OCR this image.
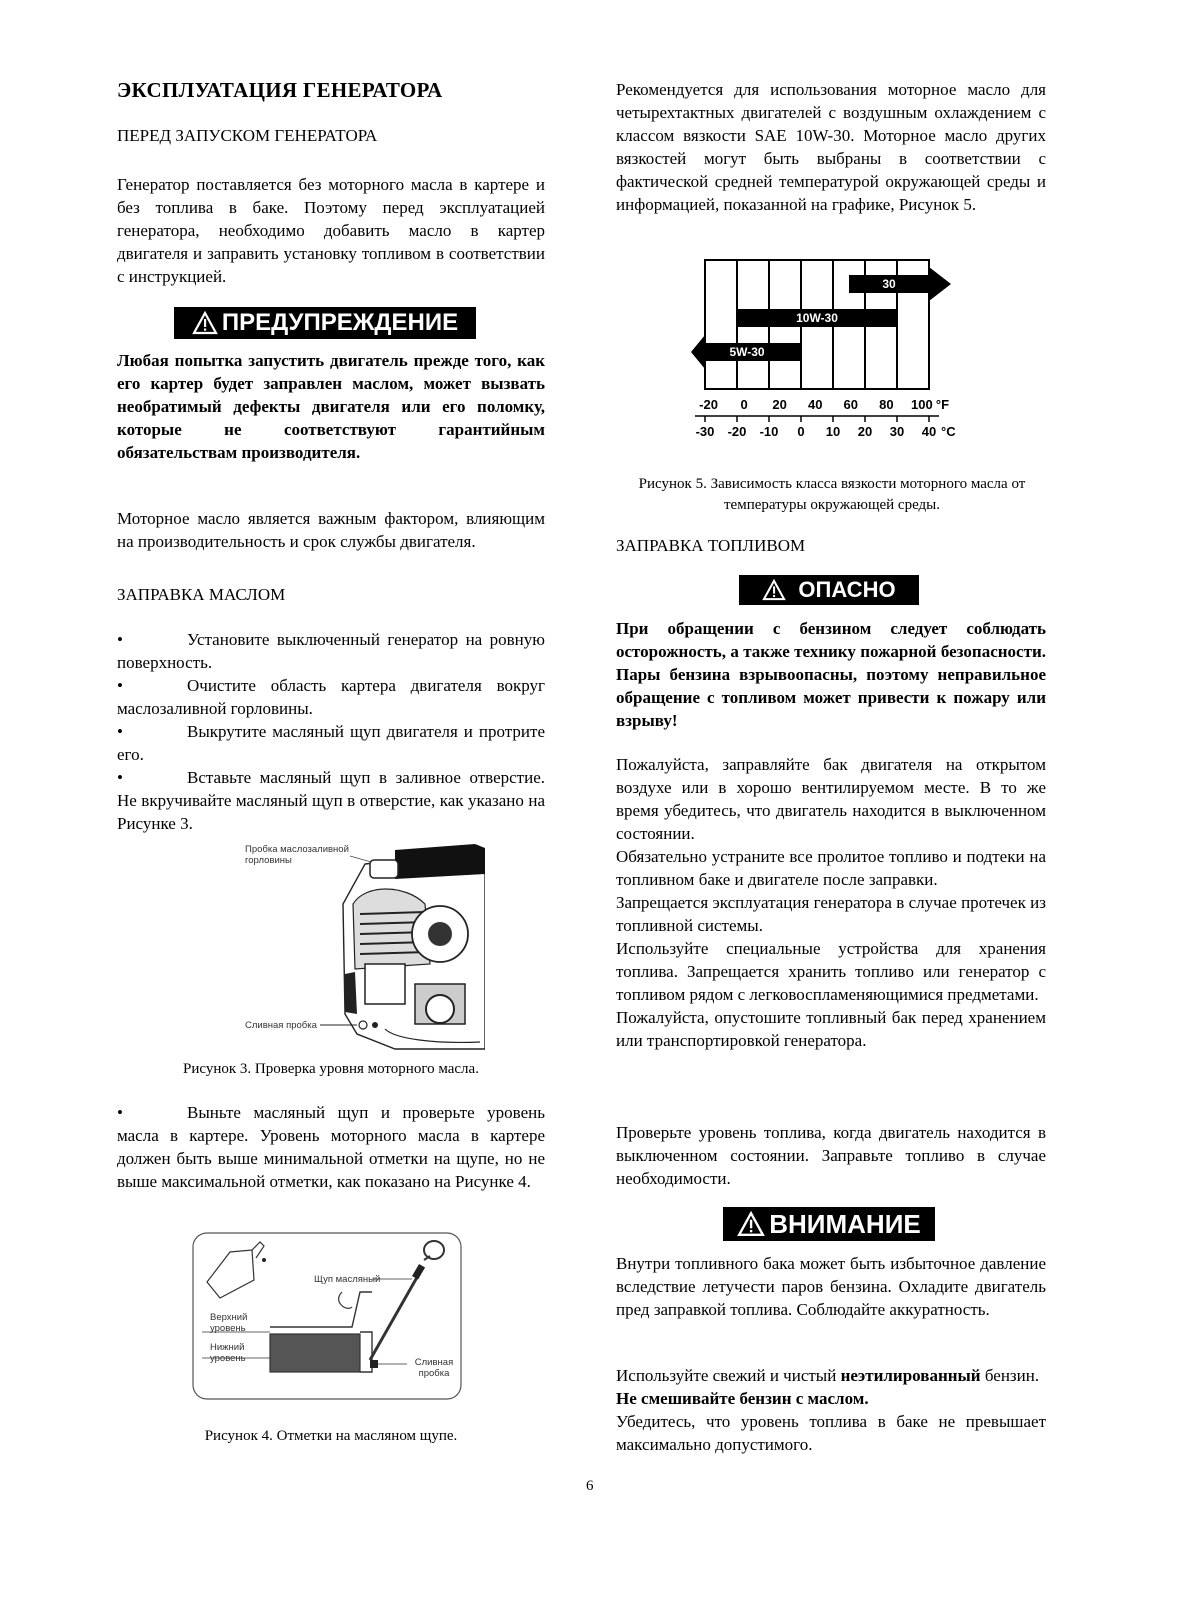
ЭКСПЛУАТАЦИЯ ГЕНЕРАТОРА
ПЕРЕД ЗАПУСКОМ ГЕНЕРАТОРА

Генератор поставляется без моторного масла в картере и без топлива в баке. Поэтому перед эксплуатацией генератора, необходимо добавить масло в картер двигателя и заправить установку топливом в соответствии с инструкцией.

ПРЕДУПРЕЖДЕНИЕ

Любая попытка запустить двигатель прежде того, как его картер будет заправлен маслом, может вызвать необратимый дефекты двигателя или его поломку, которые не соответствуют гарантийным обязательствам производителя.

Моторное масло является важным фактором, влияющим на производительность и срок службы двигателя.

ЗАПРАВКА МАСЛОМ

•	Установите выключенный генератор на ровную поверхность.

•	Очистите область картера двигателя вокруг маслозаливной горловины.

•	Выкрутите масляный щуп двигателя и протрите его.

•	Вставьте масляный щуп в заливное отверстие. Не вкручивайте масляный щуп в отверстие, как указано на Рисунке 3.

Пробка маслозаливной горловины
Сливная пробка
Рисунок 3. Проверка уровня моторного масла.

•	Выньте масляный щуп и проверьте уровень масла в картере. Уровень моторного масла в картере должен быть выше минимальной отметки на щупе, но не выше максимальной отметки, как показано на Рисунке 4.

Щуп масляный
Верхний уровень
Нижний уровень	Сливная пробка
Рисунок 4. Отметки на масляном щупе.

Рекомендуется для использования моторное масло для четырехтактных двигателей с воздушным охлаждением с классом вязкости SAE 10W-30. Моторное масло других вязкостей могут быть выбраны в соответствии с фактической средней температурой окружающей среды и информацией, показанной на графике, Рисунок 5.

30
10W-30
5W-30
-20 0 20 40 60 80 100 °F
-30 -20 -10 0 10 20 30 40 °C
Рисунок 5. Зависимость класса вязкости моторного масла от температуры окружающей среды.
ЗАПРАВКА ТОПЛИВОМ
ОПАСНО

При обращении с бензином следует соблюдать осторожность, а также технику пожарной безопасности. Пары бензина взрывоопасны, поэтому неправильное обращение с топливом может привести к пожару или взрыву!

Пожалуйста, заправляйте бак двигателя на открытом воздухе или в хорошо вентилируемом месте. В то же время убедитесь, что двигатель находится в выключенном состоянии.

Обязательно устраните все пролитое топливо и подтеки на топливном баке и двигателе после заправки.

Запрещается эксплуатация генератора в случае протечек из топливной системы.

Используйте специальные устройства для хранения топлива. Запрещается хранить топливо или генератор с топливом рядом с легковоспламеняющимися предметами.

Пожалуйста, опустошите топливный бак перед хранением или транспортировкой генератора.

Проверьте уровень топлива, когда двигатель находится в выключенном состоянии. Заправьте топливо в случае необходимости.

ВНИМАНИЕ

Внутри топливного бака может быть избыточное давление вследствие летучести паров бензина. Охладите двигатель пред заправкой топлива. Соблюдайте аккуратность.

Используйте свежий и чистый неэтилированный бензин.

Не смешивайте бензин с маслом.

Убедитесь, что уровень топлива в баке не превышает максимально допустимого.

6
